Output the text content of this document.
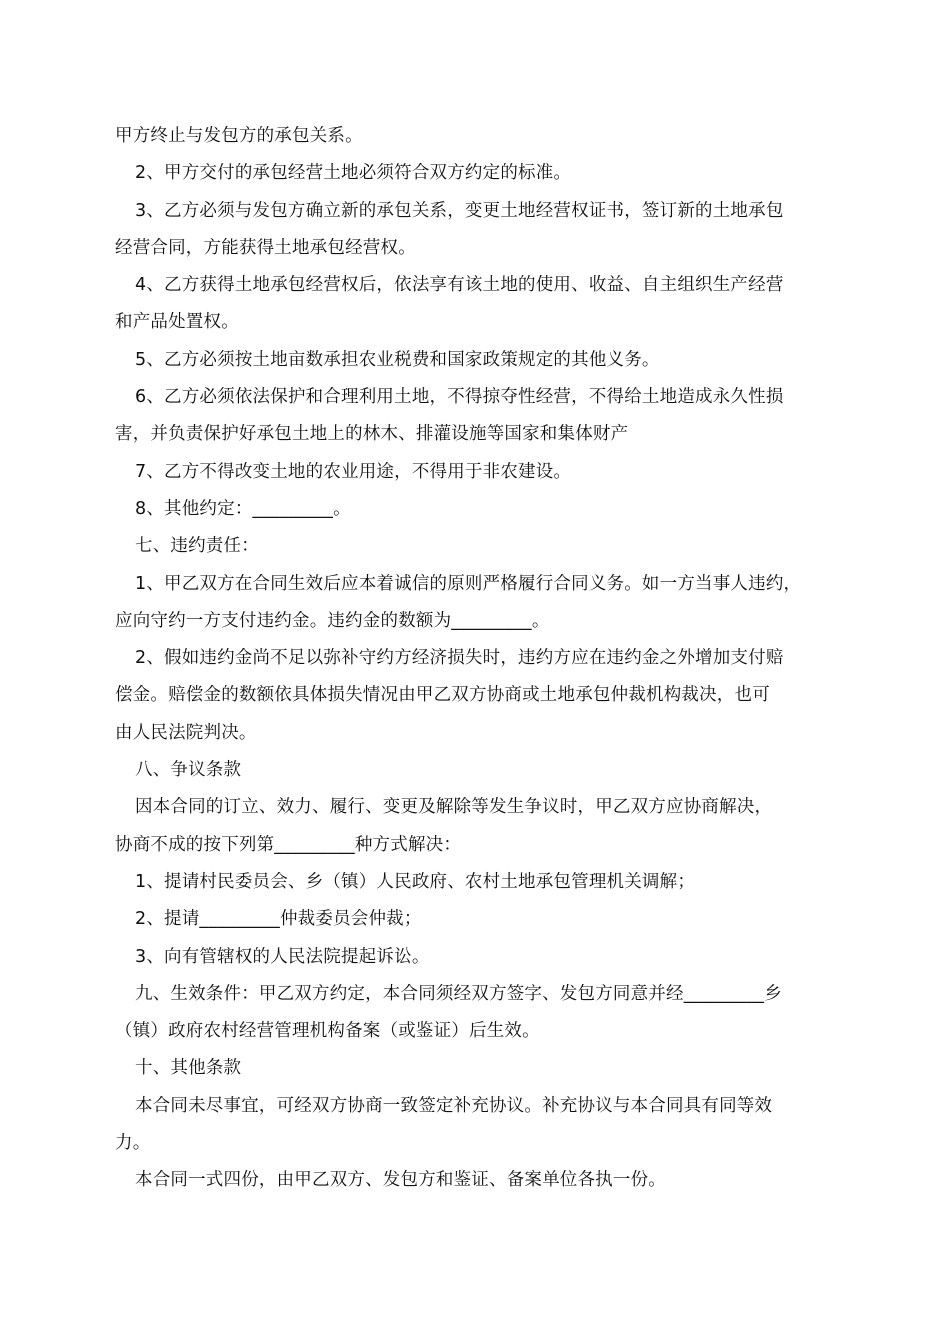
甲方终止与发包方的承包关系。
2、甲方交付的承包经营土地必须符合双方约定的标准。
3、乙方必须与发包方确立新的承包关系，变更土地经营权证书，签订新的土地承包
经营合同，方能获得土地承包经营权。
4、乙方获得土地承包经营权后，依法享有该土地的使用、收益、自主组织生产经营
和产品处置权。
5、乙方必须按土地亩数承担农业税费和国家政策规定的其他义务。
6、乙方必须依法保护和合理利用土地，不得掠夺性经营，不得给土地造成永久性损
害，并负责保护好承包土地上的林木、排灌设施等国家和集体财产
7、乙方不得改变土地的农业用途，不得用于非农建设。
8、其他约定：_________。
七、违约责任：
1、甲乙双方在合同生效后应本着诚信的原则严格履行合同义务。如一方当事人违约，
应向守约一方支付违约金。违约金的数额为_________。
2、假如违约金尚不足以弥补守约方经济损失时，违约方应在违约金之外增加支付赔
偿金。赔偿金的数额依具体损失情况由甲乙双方协商或土地承包仲裁机构裁决，也可
由人民法院判决。
八、争议条款
因本合同的订立、效力、履行、变更及解除等发生争议时，甲乙双方应协商解决，
协商不成的按下列第_________种方式解决：
1、提请村民委员会、乡（镇）人民政府、农村土地承包管理机关调解；
2、提请_________仲裁委员会仲裁；
3、向有管辖权的人民法院提起诉讼。
九、生效条件：甲乙双方约定，本合同须经双方签字、发包方同意并经_________乡
（镇）政府农村经营管理机构备案（或鉴证）后生效。
十、其他条款
本合同未尽事宜，可经双方协商一致签定补充协议。补充协议与本合同具有同等效
力。
本合同一式四份，由甲乙双方、发包方和鉴证、备案单位各执一份。
